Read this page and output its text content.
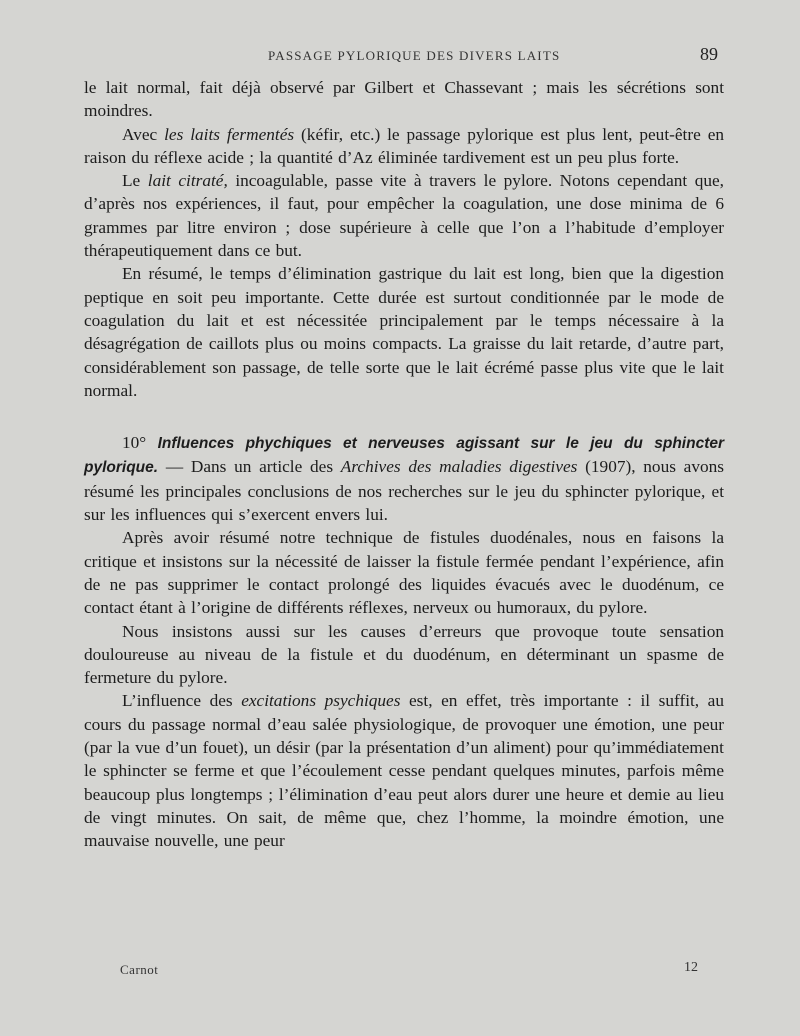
PASSAGE PYLORIQUE DES DIVERS LAITS	89

le lait normal, fait déjà observé par Gilbert et Chassevant ; mais les sécrétions sont moindres.

Avec les laits fermentés (kéfir, etc.) le passage pylorique est plus lent, peut-être en raison du réflexe acide ; la quantité d’Az éliminée tardivement est un peu plus forte.

Le lait citraté, incoagulable, passe vite à travers le pylore. Notons cependant que, d’après nos expériences, il faut, pour empêcher la coagulation, une dose minima de 6 grammes par litre environ ; dose supérieure à celle que l’on a l’habitude d’employer thérapeutiquement dans ce but.

En résumé, le temps d’élimination gastrique du lait est long, bien que la digestion peptique en soit peu importante. Cette durée est surtout conditionnée par le mode de coagulation du lait et est nécessitée principalement par le temps nécessaire à la désagrégation de caillots plus ou moins compacts. La graisse du lait retarde, d’autre part, considérablement son passage, de telle sorte que le lait écrémé passe plus vite que le lait normal.

10° Influences phychiques et nerveuses agissant sur le jeu du sphincter pylorique. — Dans un article des Archives des maladies digestives (1907), nous avons résumé les principales conclusions de nos recherches sur le jeu du sphincter pylorique, et sur les influences qui s’exercent envers lui.

Après avoir résumé notre technique de fistules duodénales, nous en faisons la critique et insistons sur la nécessité de laisser la fistule fermée pendant l’expérience, afin de ne pas supprimer le contact prolongé des liquides évacués avec le duodénum, ce contact étant à l’origine de différents réflexes, nerveux ou humoraux, du pylore.

Nous insistons aussi sur les causes d’erreurs que provoque toute sensation douloureuse au niveau de la fistule et du duodénum, en déterminant un spasme de fermeture du pylore.

L’influence des excitations psychiques est, en effet, très importante : il suffit, au cours du passage normal d’eau salée physiologique, de provoquer une émotion, une peur (par la vue d’un fouet), un désir (par la présentation d’un aliment) pour qu’immédiatement le sphincter se ferme et que l’écoulement cesse pendant quelques minutes, parfois même beaucoup plus longtemps ; l’élimination d’eau peut alors durer une heure et demie au lieu de vingt minutes. On sait, de même que, chez l’homme, la moindre émotion, une mauvaise nouvelle, une peur

Carnot	12
